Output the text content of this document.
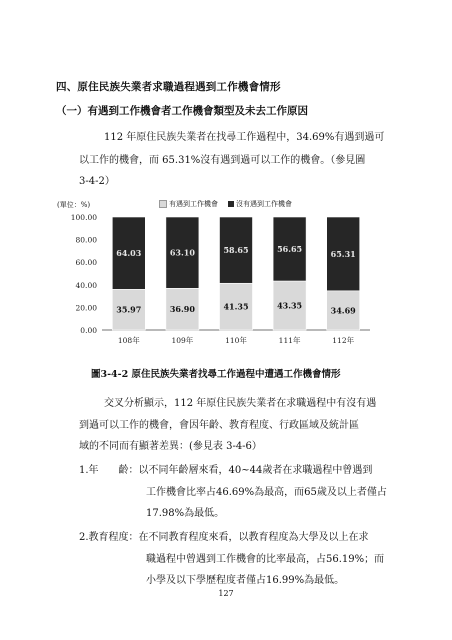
四、原住民族失業者求職過程遇到工作機會情形
（一）有遇到工作機會者工作機會類型及未去工作原因
112 年原住民族失業者在找尋工作過程中，34.69%有遇到過可
以工作的機會，而 65.31%沒有遇到過可以工作的機會。（參見圖
3-4-2）
(單位：%)	有遇到工作機會	沒有遇到工作機會
100.00
80.00
60.00
40.00
20.00
0.00
35.97
64.03
108年
36.90
63.10
109年
41.35
58.65
110年
43.35
56.65
111年
34.69
65.31
112年
圖3-4-2 原住民族失業者找尋工作過程中遭遇工作機會情形
交叉分析顯示，112 年原住民族失業者在求職過程中有沒有遇
到過可以工作的機會，會因年齡、教育程度、行政區域及統計區
域的不同而有顯著差異：(參見表 3-4-6）
1.年　　齡：以不同年齡層來看，40~44歲者在求職過程中曾遇到
工作機會比率占46.69%為最高，而65歲及以上者僅占
17.98%為最低。
2.教育程度：在不同教育程度來看，以教育程度為大學及以上在求
職過程中曾遇到工作機會的比率最高，占56.19%；而
小學及以下學歷程度者僅占16.99%為最低。
127
